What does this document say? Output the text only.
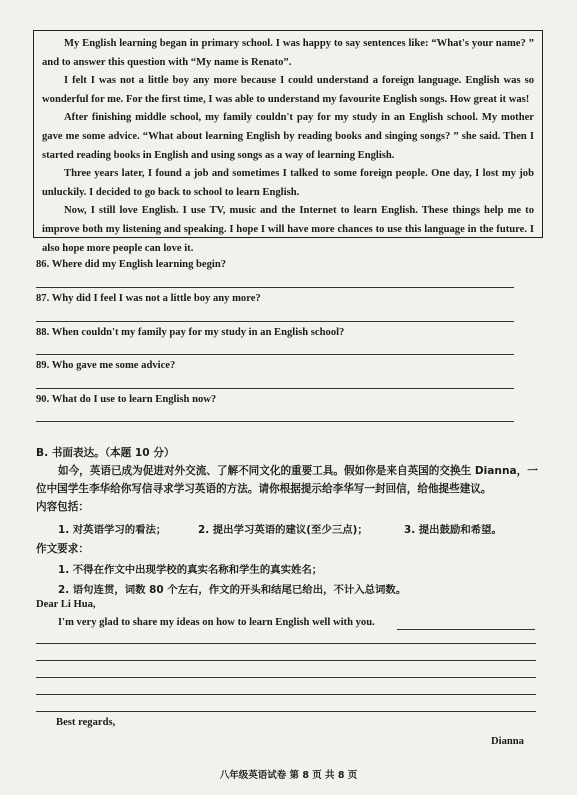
My English learning began in primary school. I was happy to say sentences like: “What's your name? ” and to answer this question with “My name is Renato”.

I felt I was not a little boy any more because I could understand a foreign language. English was so wonderful for me. For the first time, I was able to understand my favourite English songs. How great it was!

After finishing middle school, my family couldn't pay for my study in an English school. My mother gave me some advice. “What about learning English by reading books and singing songs? ” she said. Then I started reading books in English and using songs as a way of learning English.

Three years later, I found a job and sometimes I talked to some foreign people. One day, I lost my job unluckily. I decided to go back to school to learn English.

Now, I still love English. I use TV, music and the Internet to learn English. These things help me to improve both my listening and speaking. I hope I will have more chances to use this language in the future. I also hope more people can love it.

86. Where did my English learning begin?
87. Why did I feel I was not a little boy any more?
88. When couldn't my family pay for my study in an English school?
89. Who gave me some advice?
90. What do I use to learn English now?
B. 书面表达。（本题 10 分）
如今，英语已成为促进对外交流、了解不同文化的重要工具。假如你是来自英国的交换生 Dianna，一位中国学生李华给你写信寻求学习英语的方法。请你根据提示给李华写一封回信，给他提些建议。
内容包括：
1. 对英语学习的看法；	2. 提出学习英语的建议(至少三点)；	3. 提出鼓励和希望。
作文要求：
1. 不得在作文中出现学校的真实名称和学生的真实姓名；
2. 语句连贯，词数 80 个左右，作文的开头和结尾已给出，不计入总词数。
Dear Li Hua,
I'm very glad to share my ideas on how to learn English well with you.
Best regards,
Dianna
八年级英语试卷 第 8 页 共 8 页
